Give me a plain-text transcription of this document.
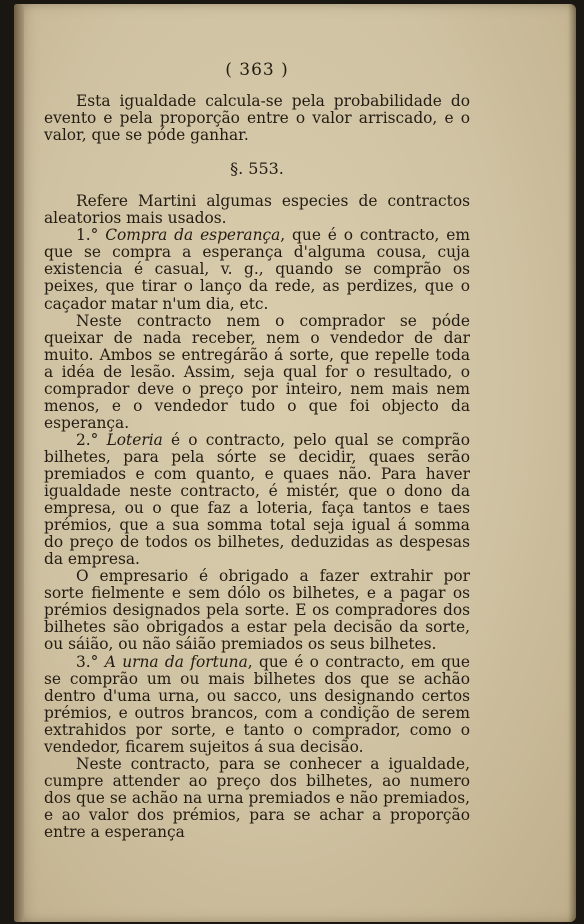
( 363 )

Esta igualdade calcula-se pela probabilidade do evento e pela proporção entre o valor arriscado, e o valor, que se póde ganhar.

§. 553.

Refere Martini algumas especies de contractos aleatorios mais usados.

1.° Compra da esperança, que é o contracto, em que se compra a esperança d'alguma cousa, cuja existencia é casual, v. g., quando se comprão os peixes, que tirar o lanço da rede, as perdizes, que o caçador matar n'um dia, etc.

Neste contracto nem o comprador se póde queixar de nada receber, nem o vendedor de dar muito. Ambos se entregárão á sorte, que repelle toda a idéa de lesão. Assim, seja qual for o resultado, o comprador deve o preço por inteiro, nem mais nem menos, e o vendedor tudo o que foi objecto da esperança.

2.° Loteria é o contracto, pelo qual se comprão bilhetes, para pela sórte se decidir, quaes serão premiados e com quanto, e quaes não. Para haver igualdade neste contracto, é mistér, que o dono da empresa, ou o que faz a loteria, faça tantos e taes prémios, que a sua somma total seja igual á somma do preço de todos os bilhetes, deduzidas as despesas da empresa.

O empresario é obrigado a fazer extrahir por sorte fielmente e sem dólo os bilhetes, e a pagar os prémios designados pela sorte. E os compradores dos bilhetes são obrigados a estar pela decisão da sorte, ou sáião, ou não sáião premiados os seus bilhetes.

3.° A urna da fortuna, que é o contracto, em que se comprão um ou mais bilhetes dos que se achão dentro d'uma urna, ou sacco, uns designando certos prémios, e outros brancos, com a condição de serem extrahidos por sorte, e tanto o comprador, como o vendedor, ficarem sujeitos á sua decisão.

Neste contracto, para se conhecer a igualdade, cumpre attender ao preço dos bilhetes, ao numero dos que se achão na urna premiados e não premiados, e ao valor dos prémios, para se achar a proporção entre a esperança
